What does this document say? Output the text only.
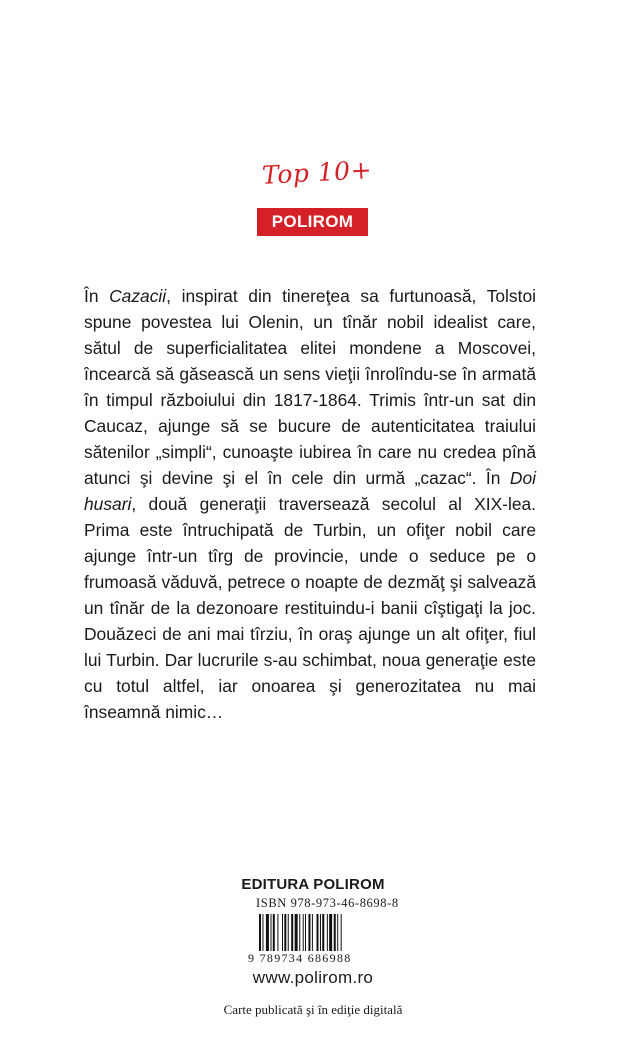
Top 10+
POLIROM

În Cazacii, inspirat din tinereţea sa furtunoasă, Tolstoi spune povestea lui Olenin, un tînăr nobil idealist care, sătul de superficialitatea elitei mondene a Moscovei, încearcă să găsească un sens vieţii înrolîndu-se în armată în timpul războiului din 1817-1864. Trimis într-un sat din Caucaz, ajunge să se bucure de autenticitatea traiului sătenilor „simpli“, cunoaşte iubirea în care nu credea pînă atunci şi devine şi el în cele din urmă „cazac“. În Doi husari, două generaţii traversează secolul al XIX-lea. Prima este întruchipată de Turbin, un ofiţer nobil care ajunge într-un tîrg de provincie, unde o seduce pe o frumoasă văduvă, petrece o noapte de dezmăţ şi salvează un tînăr de la dezonoare restituindu-i banii cîştigaţi la joc. Douăzeci de ani mai tîrziu, în oraş ajunge un alt ofiţer, fiul lui Turbin. Dar lucrurile s-au schimbat, noua generaţie este cu totul altfel, iar onoarea şi generozitatea nu mai înseamnă nimic…

EDITURA POLIROM
ISBN 978-973-46-8698-8
9 789734 686988
www.polirom.ro
Carte publicată şi în ediţie digitală
